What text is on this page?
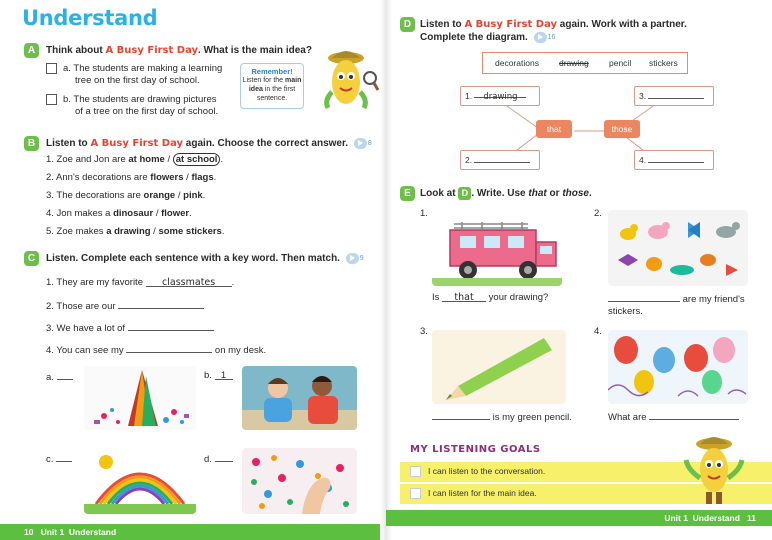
Understand
A	Think about A Busy First Day. What is the main idea?
a. The students are making a learning
tree on the first day of school.
b. The students are drawing pictures
of a tree on the first day of school.
Remember!
Listen for the main
idea in the first
sentence.
B	Listen to A Busy First Day again. Choose the correct answer.	8
1. Zoe and Jon are at home / at school .
2. Ann's decorations are flowers / flags.
3. The decorations are orange / pink.
4. Jon makes a dinosaur / flower.
5. Zoe makes a drawing / some stickers.
C	Listen. Complete each sentence with a key word. Then match.	9
1. They are my favorite classmates .
2. Those are our
3. We have a lot of
4. You can see my	on my desk.
a.	b. 1
c.	d.
10 Unit 1 Understand
D Listen to A Busy First Day again. Work with a partner.
Complete the diagram.	16
decorations drawing pencil stickers
1. drawing	3.
that	those
2.	4.
E Look at D . Write. Use that or those.
1.
Is that your drawing?
2.
are my friend's
stickers.
3.
is my green pencil.
4.
What are
MY LISTENING GOALS
I can listen to the conversation.
I can listen for the main idea.
Unit 1 Understand 11
